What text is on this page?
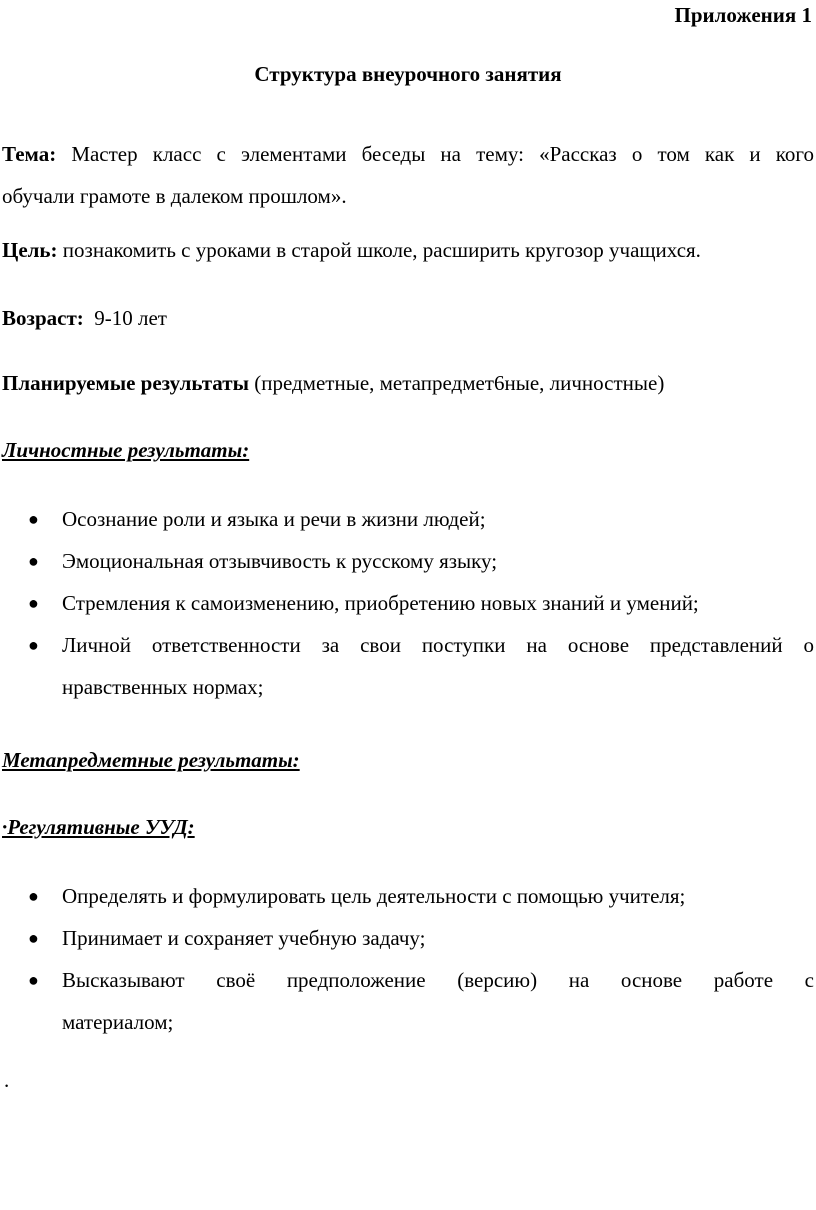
Приложения 1
Структура внеурочного занятия
Тема: Мастер класс с элементами беседы на тему: «Рассказ о том как и кого
обучали грамоте в далеком прошлом».
Цель: познакомить с уроками в старой школе, расширить кругозор учащихся.
Возраст: 9-10 лет
Планируемые результаты (предметные, метапредмет6ные, личностные)
Личностные результаты:
● Осознание роли и языка и речи в жизни людей;
● Эмоциональная отзывчивость к русскому языку;
● Стремления к самоизменению, приобретению новых знаний и умений;
● Личной ответственности за свои поступки на основе представлений о
нравственных нормах;
Метапредметные результаты:
·Регулятивные УУД:
● Определять и формулировать цель деятельности с помощью учителя;
● Принимает и сохраняет учебную задачу;
● Высказывают своё предположение (версию) на основе работе с
материалом;
.
